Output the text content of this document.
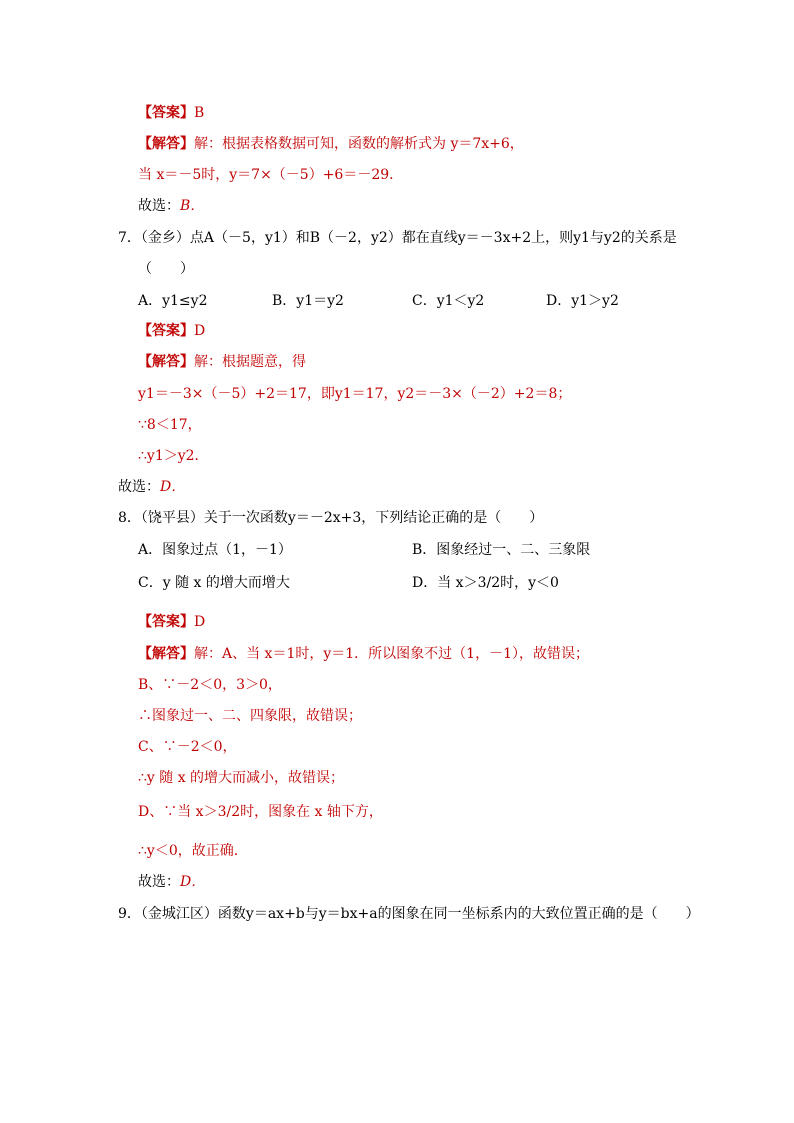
【答案】B
【解答】解：根据表格数据可知，函数的解析式为 y＝7x+6，
当 x＝－5时，y＝7×（－5）+6＝－29．
故选：B．
7．（金乡）点A（－5，y1）和B（－2，y2）都在直线y＝－3x+2上，则y1与y2的关系是
（　　）
A．y1≤y2	B．y1＝y2	C．y1＜y2	D．y1＞y2
【答案】D
【解答】解：根据题意，得
y1＝－3×（－5）+2＝17，即y1＝17，y2＝－3×（－2）+2＝8；
∵8＜17，
∴y1＞y2．
故选：D．
8．（饶平县）关于一次函数y＝－2x+3，下列结论正确的是（　　）
A．图象过点（1，－1）	B．图象经过一、二、三象限
C．y 随 x 的增大而增大	D．当 x＞3/2时，y＜0
【答案】D
【解答】解：A、当 x＝1时，y＝1．所以图象不过（1，－1），故错误；
B、∵－2＜0，3＞0，
∴图象过一、二、四象限，故错误；
C、∵－2＜0，
∴y 随 x 的增大而减小，故错误；
D、∵当 x＞3/2时，图象在 x 轴下方，
∴y＜0，故正确．
故选：D．
9．（金城江区）函数y＝ax+b与y＝bx+a的图象在同一坐标系内的大致位置正确的是（　　）
